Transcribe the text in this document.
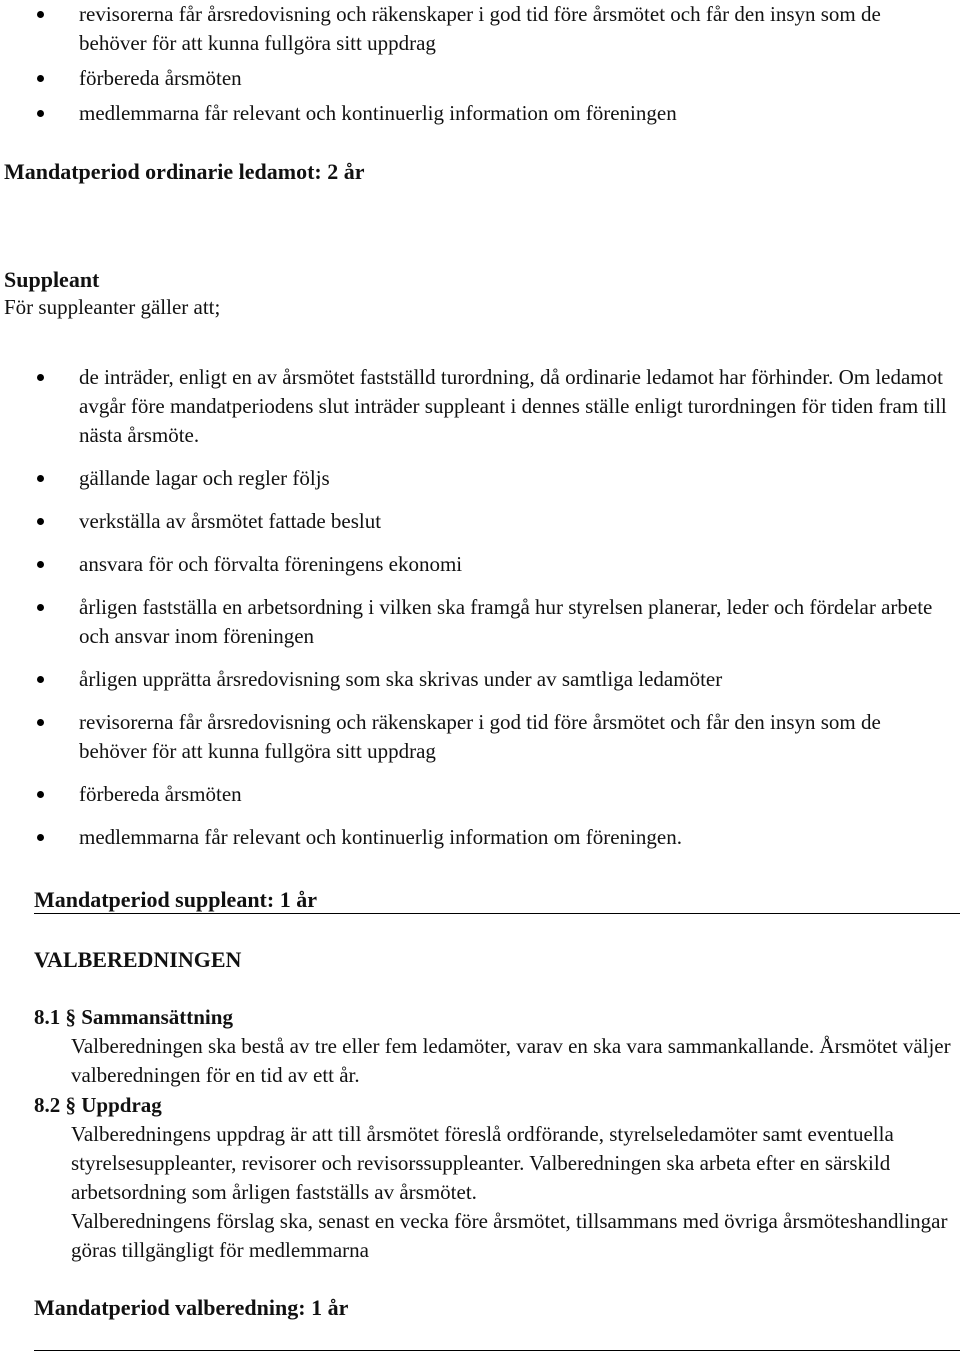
revisorerna får årsredovisning och räkenskaper i god tid före årsmötet och får den insyn som de behöver för att kunna fullgöra sitt uppdrag
förbereda årsmöten
medlemmarna får relevant och kontinuerlig information om föreningen
Mandatperiod ordinarie ledamot: 2 år
Suppleant
För suppleanter gäller att;
de inträder, enligt en av årsmötet fastställd turordning, då ordinarie ledamot har förhinder. Om ledamot avgår före mandatperiodens slut inträder suppleant i dennes ställe enligt turordningen för tiden fram till nästa årsmöte.
gällande lagar och regler följs
verkställa av årsmötet fattade beslut
ansvara för och förvalta föreningens ekonomi
årligen fastställa en arbetsordning i vilken ska framgå hur styrelsen planerar, leder och fördelar arbete och ansvar inom föreningen
årligen upprätta årsredovisning som ska skrivas under av samtliga ledamöter
revisorerna får årsredovisning och räkenskaper i god tid före årsmötet och får den insyn som de behöver för att kunna fullgöra sitt uppdrag
förbereda årsmöten
medlemmarna får relevant och kontinuerlig information om föreningen.
Mandatperiod suppleant: 1 år
VALBEREDNINGEN
8.1 § Sammansättning
Valberedningen ska bestå av tre eller fem ledamöter, varav en ska vara sammankallande. Årsmötet väljer valberedningen för en tid av ett år.
8.2 § Uppdrag
Valberedningens uppdrag är att till årsmötet föreslå ordförande, styrelseledamöter samt eventuella styrelsesuppleanter, revisorer och revisorssuppleanter. Valberedningen ska arbeta efter en särskild arbetsordning som årligen fastställs av årsmötet.
Valberedningens förslag ska, senast en vecka före årsmötet, tillsammans med övriga årsmöteshandlingar göras tillgängligt för medlemmarna
Mandatperiod valberedning: 1 år
